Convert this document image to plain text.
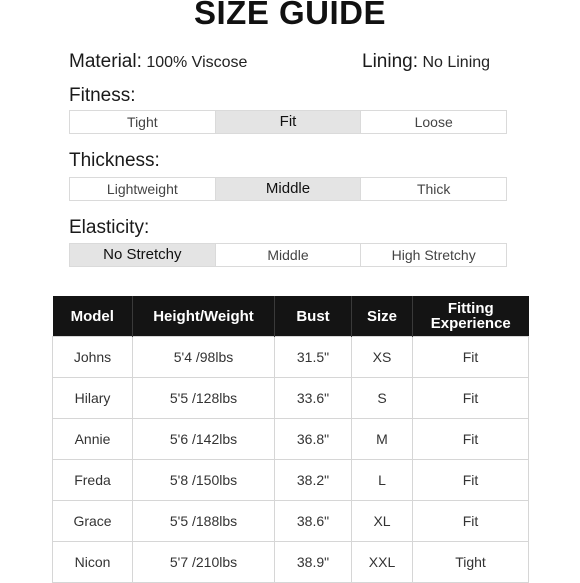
SIZE GUIDE
Material: 100% Viscose	Lining: No Lining
Fitness:
Tight	Fit	Loose
Thickness:
Lightweight	Middle	Thick
Elasticity:
No Stretchy	Middle	High Stretchy
Model	Height/Weight	Bust	Size	Fitting Experience
Johns	5'4 /98lbs	31.5"	XS	Fit
Hilary	5'5 /128lbs	33.6"	S	Fit
Annie	5'6 /142lbs	36.8"	M	Fit
Freda	5'8 /150lbs	38.2"	L	Fit
Grace	5'5 /188lbs	38.6"	XL	Fit
Nicon	5'7 /210lbs	38.9"	XXL	Tight
